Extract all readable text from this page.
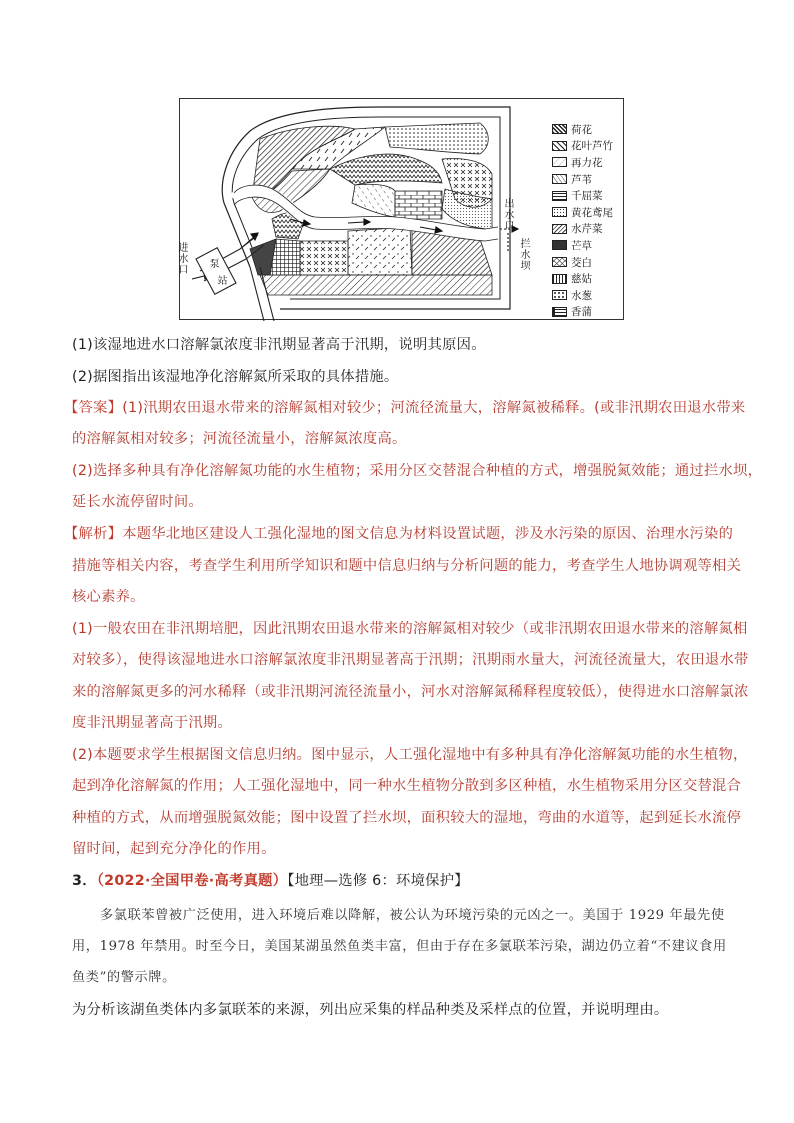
进水口
泵
站
出水口
拦水坝
荷花
花叶芦竹
再力花
芦苇
千屈菜
黄花鸢尾
水芹菜
芒草
茭白
慈姑
水葱
香蒲
(1)该湿地进水口溶解氯浓度非汛期显著高于汛期，说明其原因。
(2)据图指出该湿地净化溶解氮所采取的具体措施。
【答案】(1)汛期农田退水带来的溶解氮相对较少；河流径流量大，溶解氮被稀释。(或非汛期农田退水带来
的溶解氮相对较多；河流径流量小，溶解氮浓度高。
(2)选择多种具有净化溶解氮功能的水生植物；采用分区交替混合种植的方式，增强脱氮效能；通过拦水坝，
延长水流停留时间。
【解析】本题华北地区建设人工强化湿地的图文信息为材料设置试题，涉及水污染的原因、治理水污染的
措施等相关内容，考查学生利用所学知识和题中信息归纳与分析问题的能力，考查学生人地协调观等相关
核心素养。
(1)一般农田在非汛期培肥，因此汛期农田退水带来的溶解氮相对较少（或非汛期农田退水带来的溶解氮相
对较多），使得该湿地进水口溶解氯浓度非汛期显著高于汛期；汛期雨水量大，河流径流量大，农田退水带
来的溶解氮更多的河水稀释（或非汛期河流径流量小，河水对溶解氮稀释程度较低），使得进水口溶解氯浓
度非汛期显著高于汛期。
(2)本题要求学生根据图文信息归纳。图中显示，人工强化湿地中有多种具有净化溶解氮功能的水生植物，
起到净化溶解氮的作用；人工强化湿地中，同一种水生植物分散到多区种植，水生植物采用分区交替混合
种植的方式，从而增强脱氮效能；图中设置了拦水坝，面积较大的湿地，弯曲的水道等，起到延长水流停
留时间，起到充分净化的作用。
3．（2022·全国甲卷·高考真题）【地理—选修 6：环境保护】
多氯联苯曾被广泛使用，进入环境后难以降解，被公认为环境污染的元凶之一。美国于 1929 年最先使
用，1978 年禁用。时至今日，美国某湖虽然鱼类丰富，但由于存在多氯联苯污染，湖边仍立着“不建议食用
鱼类”的警示牌。
为分析该湖鱼类体内多氯联苯的来源，列出应采集的样品种类及采样点的位置，并说明理由。
